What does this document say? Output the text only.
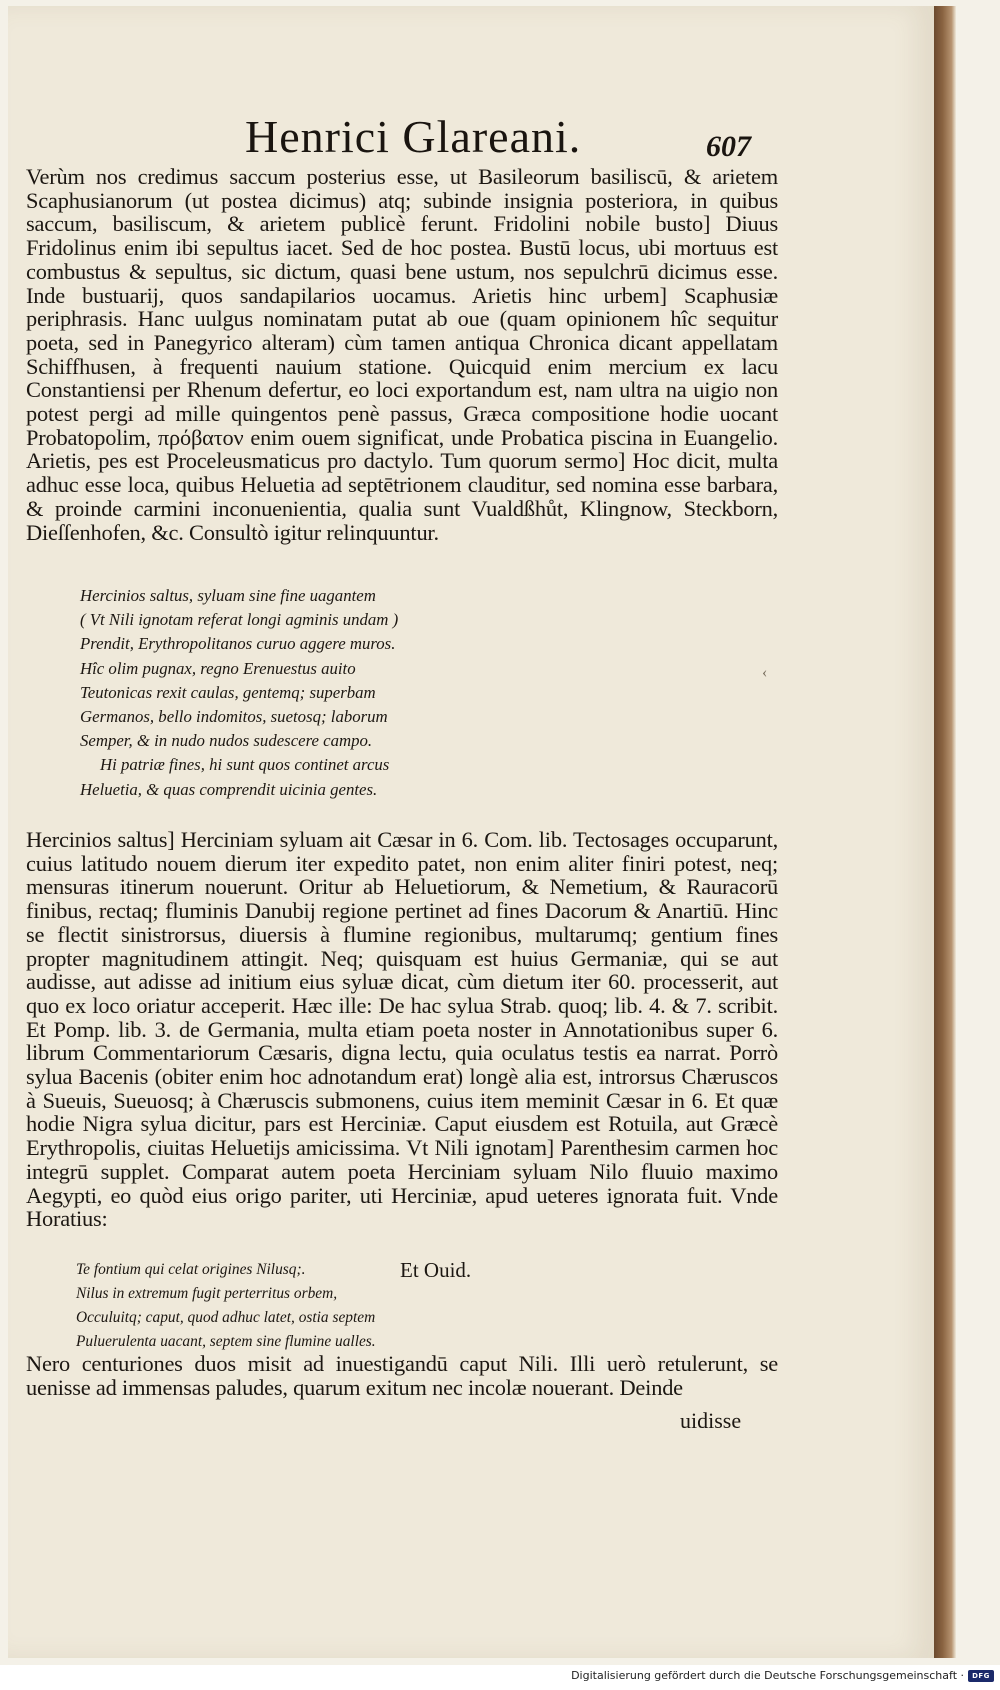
Henrici Glareani.	607

Verùm nos credimus saccum posterius esse, ut Basileorum basiliscū, & arietem Scaphusianorum (ut postea dicimus) atq; subinde insignia posteriora, in quibus saccum, basiliscum, & arietem publicè ferunt. Fridolini nobile busto] Diuus Fridolinus enim ibi sepultus iacet. Sed de hoc postea. Bustū locus, ubi mortuus est combustus & sepultus, sic dictum, quasi bene ustum, nos sepulchrū dicimus esse. Inde bustuarij, quos sandapilarios uocamus. Arietis hinc urbem] Scaphusiæ periphrasis. Hanc uulgus nominatam putat ab oue (quam opinionem hîc sequitur poeta, sed in Panegyrico alteram) cùm tamen antiqua Chronica dicant appellatam Schiffhusen, à frequenti nauium statione. Quicquid enim mercium ex lacu Constantiensi per Rhenum defertur, eo loci exportandum est, nam ultra na uigio non potest pergi ad mille quingentos penè passus, Græca compositione hodie uocant Probatopolim, πρόβατον enim ouem significat, unde Probatica piscina in Euangelio. Arietis, pes est Proceleusmaticus pro dactylo. Tum quorum sermo] Hoc dicit, multa adhuc esse loca, quibus Heluetia ad septētrionem clauditur, sed nomina esse barbara, & proinde carmini inconuenientia, qualia sunt Vualdßhůt, Klingnow, Steckborn, Dieſſenhofen, &c. Consultò igitur relinquuntur.

Hercinios saltus, syluam sine fine uagantem
( Vt Nili ignotam referat longi agminis undam )
Prendit, Erythropolitanos curuo aggere muros.
Hîc olim pugnax, regno Erenuestus auito
Teutonicas rexit caulas, gentemq; superbam
Germanos, bello indomitos, suetosq; laborum
Semper, & in nudo nudos sudescere campo.
Hi patriæ fines, hi sunt quos continet arcus
Heluetia, & quas comprendit uicinia gentes.
‹

Hercinios saltus] Herciniam syluam ait Cæsar in 6. Com. lib. Tectosages occuparunt, cuius latitudo nouem dierum iter expedito patet, non enim aliter finiri potest, neq; mensuras itinerum nouerunt. Oritur ab Heluetiorum, & Nemetium, & Rauracorū finibus, rectaq; fluminis Danubij regione pertinet ad fines Dacorum & Anartiū. Hinc se flectit sinistrorsus, diuersis à flumine regionibus, multarumq; gentium fines propter magnitudinem attingit. Neq; quisquam est huius Germaniæ, qui se aut audisse, aut adisse ad initium eius syluæ dicat, cùm dietum iter 60. processerit, aut quo ex loco oriatur acceperit. Hæc ille: De hac sylua Strab. quoq; lib. 4. & 7. scribit. Et Pomp. lib. 3. de Germania, multa etiam poeta noster in Annotationibus super 6. librum Commentariorum Cæsaris, digna lectu, quia oculatus testis ea narrat. Porrò sylua Bacenis (obiter enim hoc adnotandum erat) longè alia est, introrsus Chæruscos à Sueuis, Sueuosq; à Chæruscis submonens, cuius item meminit Cæsar in 6. Et quæ hodie Nigra sylua dicitur, pars est Herciniæ. Caput eiusdem est Rotuila, aut Græcè Erythropolis, ciuitas Heluetijs amicissima. Vt Nili ignotam] Parenthesim carmen hoc integrū supplet. Comparat autem poeta Herciniam syluam Nilo fluuio maximo Aegypti, eo quòd eius origo pariter, uti Herciniæ, apud ueteres ignorata fuit. Vnde Horatius:

Te fontium qui celat origines Nilusq;.
Nilus in extremum fugit perterritus orbem,
Occuluitq; caput, quod adhuc latet, ostia septem
Puluerulenta uacant, septem sine flumine ualles.
Et Ouid.

Nero centuriones duos misit ad inuestigandū caput Nili. Illi uerò retulerunt, se uenisse ad immensas paludes, quarum exitum nec incolæ nouerant. Deinde

uidisse
Digitalisierung gefördert durch die Deutsche Forschungsgemeinschaft · DFG
